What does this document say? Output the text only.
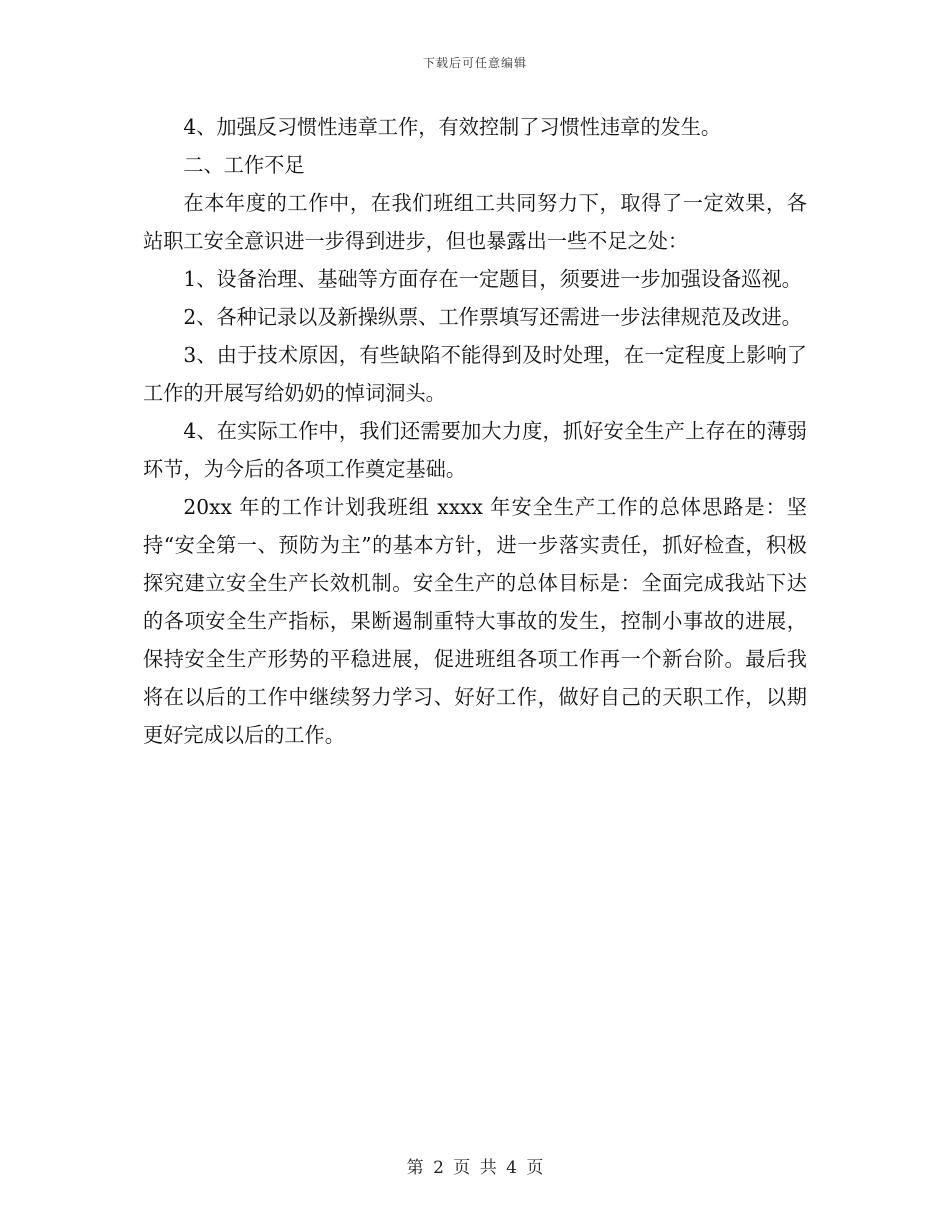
下载后可任意编辑

4、加强反习惯性违章工作，有效控制了习惯性违章的发生。

二、工作不足

在本年度的工作中，在我们班组工共同努力下，取得了一定效果，各站职工安全意识进一步得到进步，但也暴露出一些不足之处：

1、设备治理、基础等方面存在一定题目，须要进一步加强设备巡视。

2、各种记录以及新操纵票、工作票填写还需进一步法律规范及改进。

3、由于技术原因，有些缺陷不能得到及时处理，在一定程度上影响了工作的开展写给奶奶的悼词洞头。

4、在实际工作中，我们还需要加大力度，抓好安全生产上存在的薄弱环节，为今后的各项工作奠定基础。

20xx 年的工作计划我班组 xxxx 年安全生产工作的总体思路是：坚持“安全第一、预防为主”的基本方针，进一步落实责任，抓好检查，积极探究建立安全生产长效机制。安全生产的总体目标是：全面完成我站下达的各项安全生产指标，果断遏制重特大事故的发生，控制小事故的进展，保持安全生产形势的平稳进展，促进班组各项工作再一个新台阶。最后我将在以后的工作中继续努力学习、好好工作，做好自己的天职工作，以期更好完成以后的工作。

第 2 页 共 4 页
